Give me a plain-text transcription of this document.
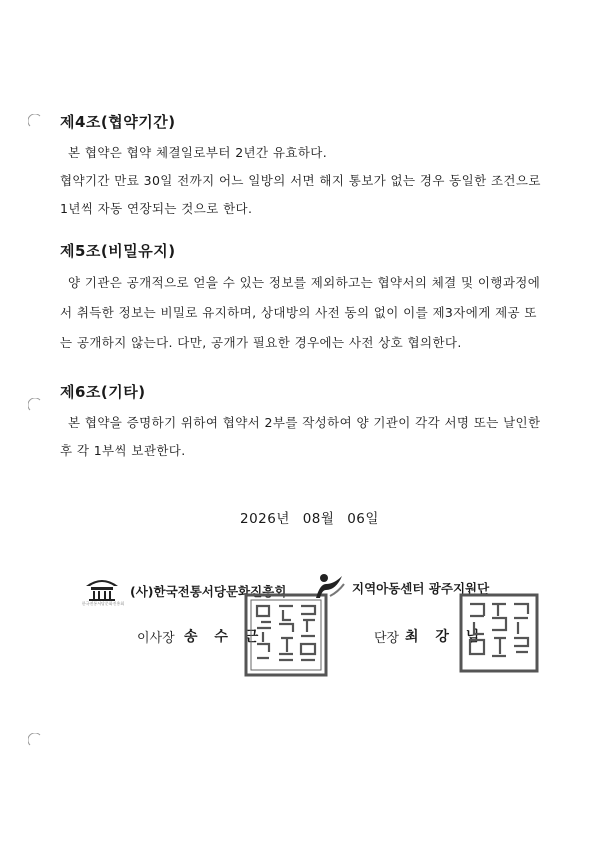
제4조(협약기간)
본 협약은 협약 체결일로부터 2년간 유효하다.
협약기간 만료 30일 전까지 어느 일방의 서면 해지 통보가 없는 경우 동일한 조건으로
1년씩 자동 연장되는 것으로 한다.
제5조(비밀유지)
양 기관은 공개적으로 얻을 수 있는 정보를 제외하고는 협약서의 체결 및 이행과정에
서 취득한 정보는 비밀로 유지하며, 상대방의 사전 동의 없이 이를 제3자에게 제공 또
는 공개하지 않는다. 다만, 공개가 필요한 경우에는 사전 상호 협의한다.
제6조(기타)
본 협약을 증명하기 위하여 협약서 2부를 작성하여 양 기관이 각각 서명 또는 날인한
후 각 1부씩 보관한다.
2026년 08월 06일
한국전통서당문화진흥회
(사)한국전통서당문화진흥회
이사장 송 수 근
지역아동센터 광주지원단
단장 최 강 님
